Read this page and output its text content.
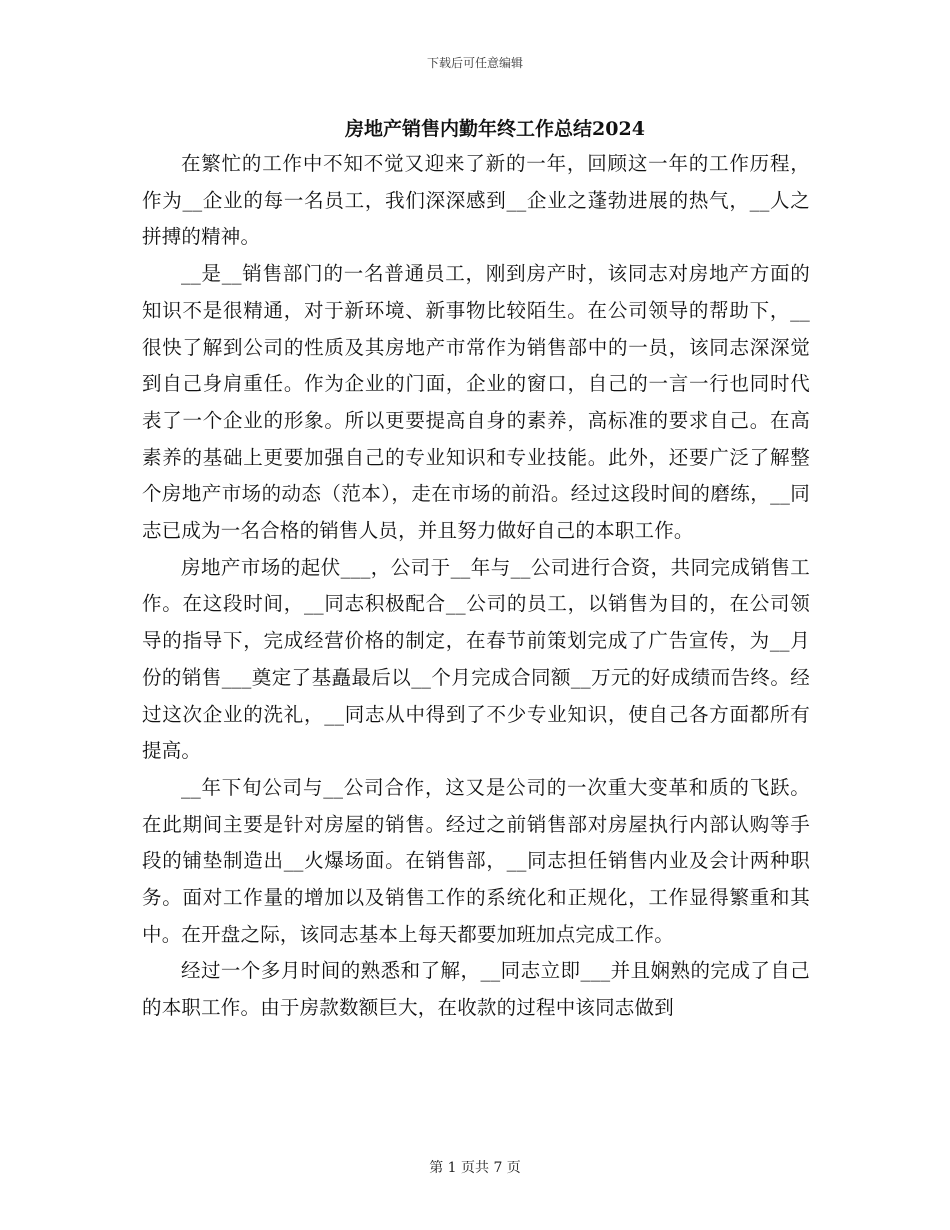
下载后可任意编辑
房地产销售内勤年终工作总结2024

在繁忙的工作中不知不觉又迎来了新的一年，回顾这一年的工作历程，作为__企业的每一名员工，我们深深感到__企业之蓬勃进展的热气，__人之拼搏的精神。

__是__销售部门的一名普通员工，刚到房产时，该同志对房地产方面的知识不是很精通，对于新环境、新事物比较陌生。在公司领导的帮助下，__很快了解到公司的性质及其房地产市常作为销售部中的一员，该同志深深觉到自己身肩重任。作为企业的门面，企业的窗口，自己的一言一行也同时代表了一个企业的形象。所以更要提高自身的素养，高标准的要求自己。在高素养的基础上更要加强自己的专业知识和专业技能。此外，还要广泛了解整个房地产市场的动态（范本），走在市场的前沿。经过这段时间的磨练，__同志已成为一名合格的销售人员，并且努力做好自己的本职工作。

房地产市场的起伏___，公司于__年与__公司进行合资，共同完成销售工作。在这段时间，__同志积极配合__公司的员工，以销售为目的，在公司领导的指导下，完成经营价格的制定，在春节前策划完成了广告宣传，为__月份的销售___奠定了基矗最后以__个月完成合同额__万元的好成绩而告终。经过这次企业的洗礼，__同志从中得到了不少专业知识，使自己各方面都所有提高。

__年下旬公司与__公司合作，这又是公司的一次重大变革和质的飞跃。在此期间主要是针对房屋的销售。经过之前销售部对房屋执行内部认购等手段的铺垫制造出__火爆场面。在销售部，__同志担任销售内业及会计两种职务。面对工作量的增加以及销售工作的系统化和正规化，工作显得繁重和其中。在开盘之际，该同志基本上每天都要加班加点完成工作。

经过一个多月时间的熟悉和了解，__同志立即___并且娴熟的完成了自己的本职工作。由于房款数额巨大，在收款的过程中该同志做到

第 1 页共 7 页
